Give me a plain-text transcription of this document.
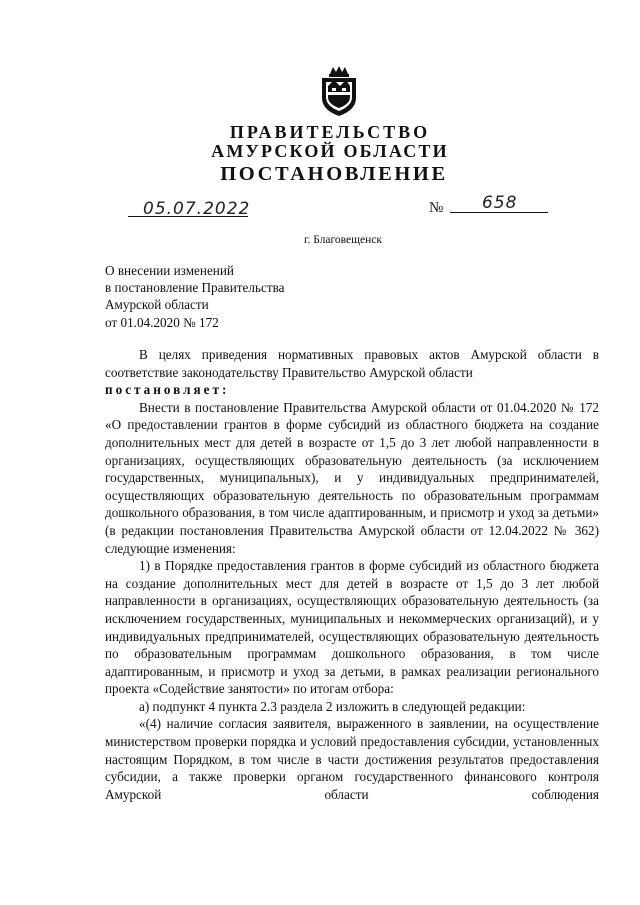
ПРАВИТЕЛЬСТВО
АМУРСКОЙ ОБЛАСТИ
ПОСТАНОВЛЕНИЕ
05.07.2022	№ 658
г. Благовещенск
О внесении изменений
в постановление Правительства
Амурской области
от 01.04.2020 № 172

В целях приведения нормативных правовых актов Амурской области в соответствие законодательству Правительство Амурской области

постановляет:

Внести в постановление Правительства Амурской области от 01.04.2020 № 172 «О предоставлении грантов в форме субсидий из областного бюджета на создание дополнительных мест для детей в возрасте от 1,5 до 3 лет любой направленности в организациях, осуществляющих образовательную деятельность (за исключением государственных, муниципальных), и у индивидуальных предпринимателей, осуществляющих образовательную деятельность по образовательным программам дошкольного образования, в том числе адаптированным, и присмотр и уход за детьми» (в редакции постановления Правительства Амурской области от 12.04.2022 № 362) следующие изменения:

1) в Порядке предоставления грантов в форме субсидий из областного бюджета на создание дополнительных мест для детей в возрасте от 1,5 до 3 лет любой направленности в организациях, осуществляющих образовательную деятельность (за исключением государственных, муниципальных и некоммерческих организаций), и у индивидуальных предпринимателей, осуществляющих образовательную деятельность по образовательным программам дошкольного образования, в том числе адаптированным, и присмотр и уход за детьми, в рамках реализации регионального проекта «Содействие занятости» по итогам отбора:

а) подпункт 4 пункта 2.3 раздела 2 изложить в следующей редакции:

«(4) наличие согласия заявителя, выраженного в заявлении, на осуществление министерством проверки порядка и условий предоставления субсидии, установленных настоящим Порядком, в том числе в части достижения результатов предоставления субсидии, а также проверки органом государственного финансового контроля Амурской области соблюдения
